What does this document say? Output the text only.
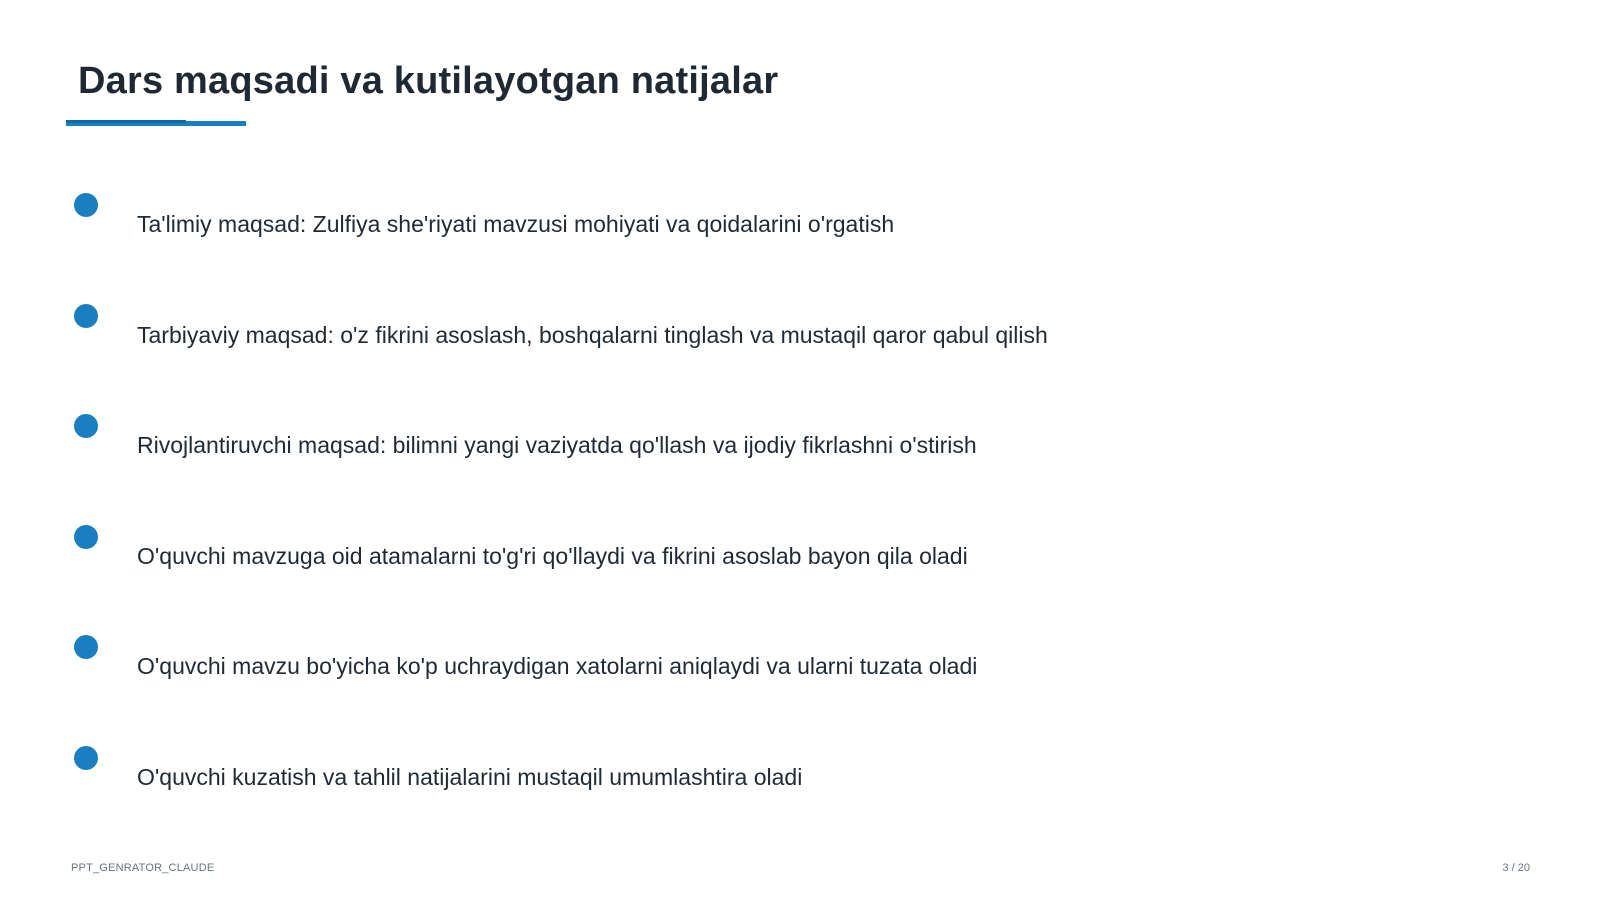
Dars maqsadi va kutilayotgan natijalar
Ta'limiy maqsad: Zulfiya she'riyati mavzusi mohiyati va qoidalarini o'rgatish
Tarbiyaviy maqsad: o'z fikrini asoslash, boshqalarni tinglash va mustaqil qaror qabul qilish
Rivojlantiruvchi maqsad: bilimni yangi vaziyatda qo'llash va ijodiy fikrlashni o'stirish
O'quvchi mavzuga oid atamalarni to'g'ri qo'llaydi va fikrini asoslab bayon qila oladi
O'quvchi mavzu bo'yicha ko'p uchraydigan xatolarni aniqlaydi va ularni tuzata oladi
O'quvchi kuzatish va tahlil natijalarini mustaqil umumlashtira oladi
PPT_GENRATOR_CLAUDE	3 / 20
